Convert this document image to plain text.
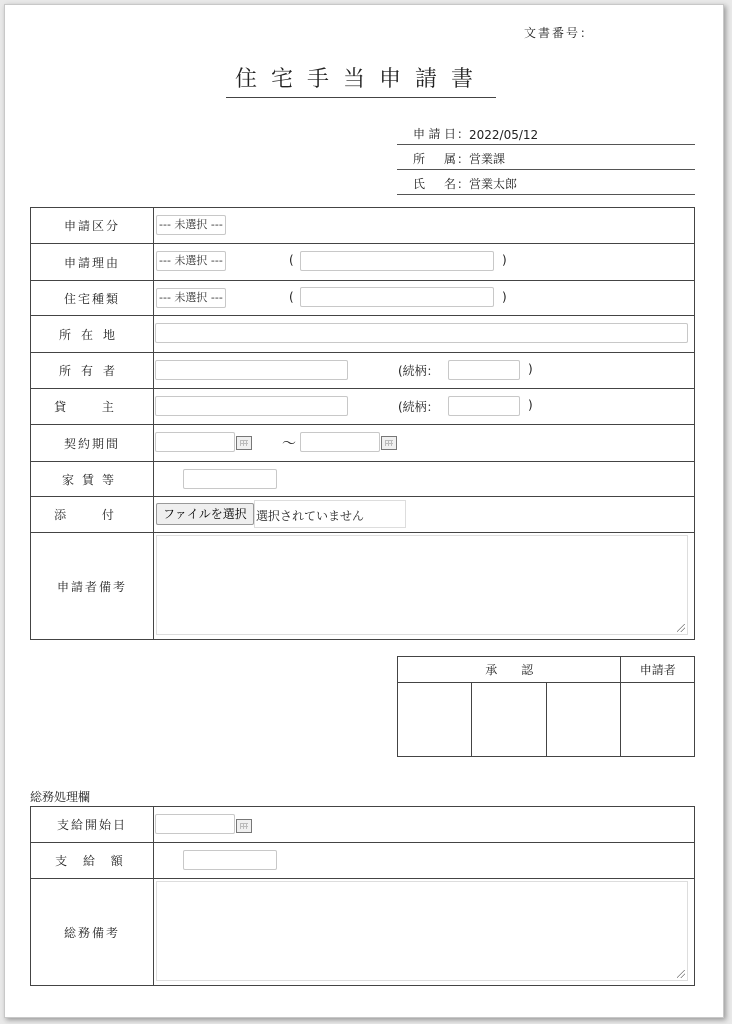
文書番号：
住宅手当申請書
申請日 ： 2022/05/12
所 属 ： 営業課
氏 名 ： 営業太郎
申請区分	--- 未選択 ---

申請理由	--- 未選択 --- ( )

住宅種類	--- 未選択 --- ( )

所在地	

所有者	(続柄： )

貸 主	(続柄： )

契約期間	〜

家賃等	

添 付	ファイルを選択 選択されていません

申請者備考	
承　　認			申請者

総務処理欄
支給開始日	

支 給 額	

総務備考	
